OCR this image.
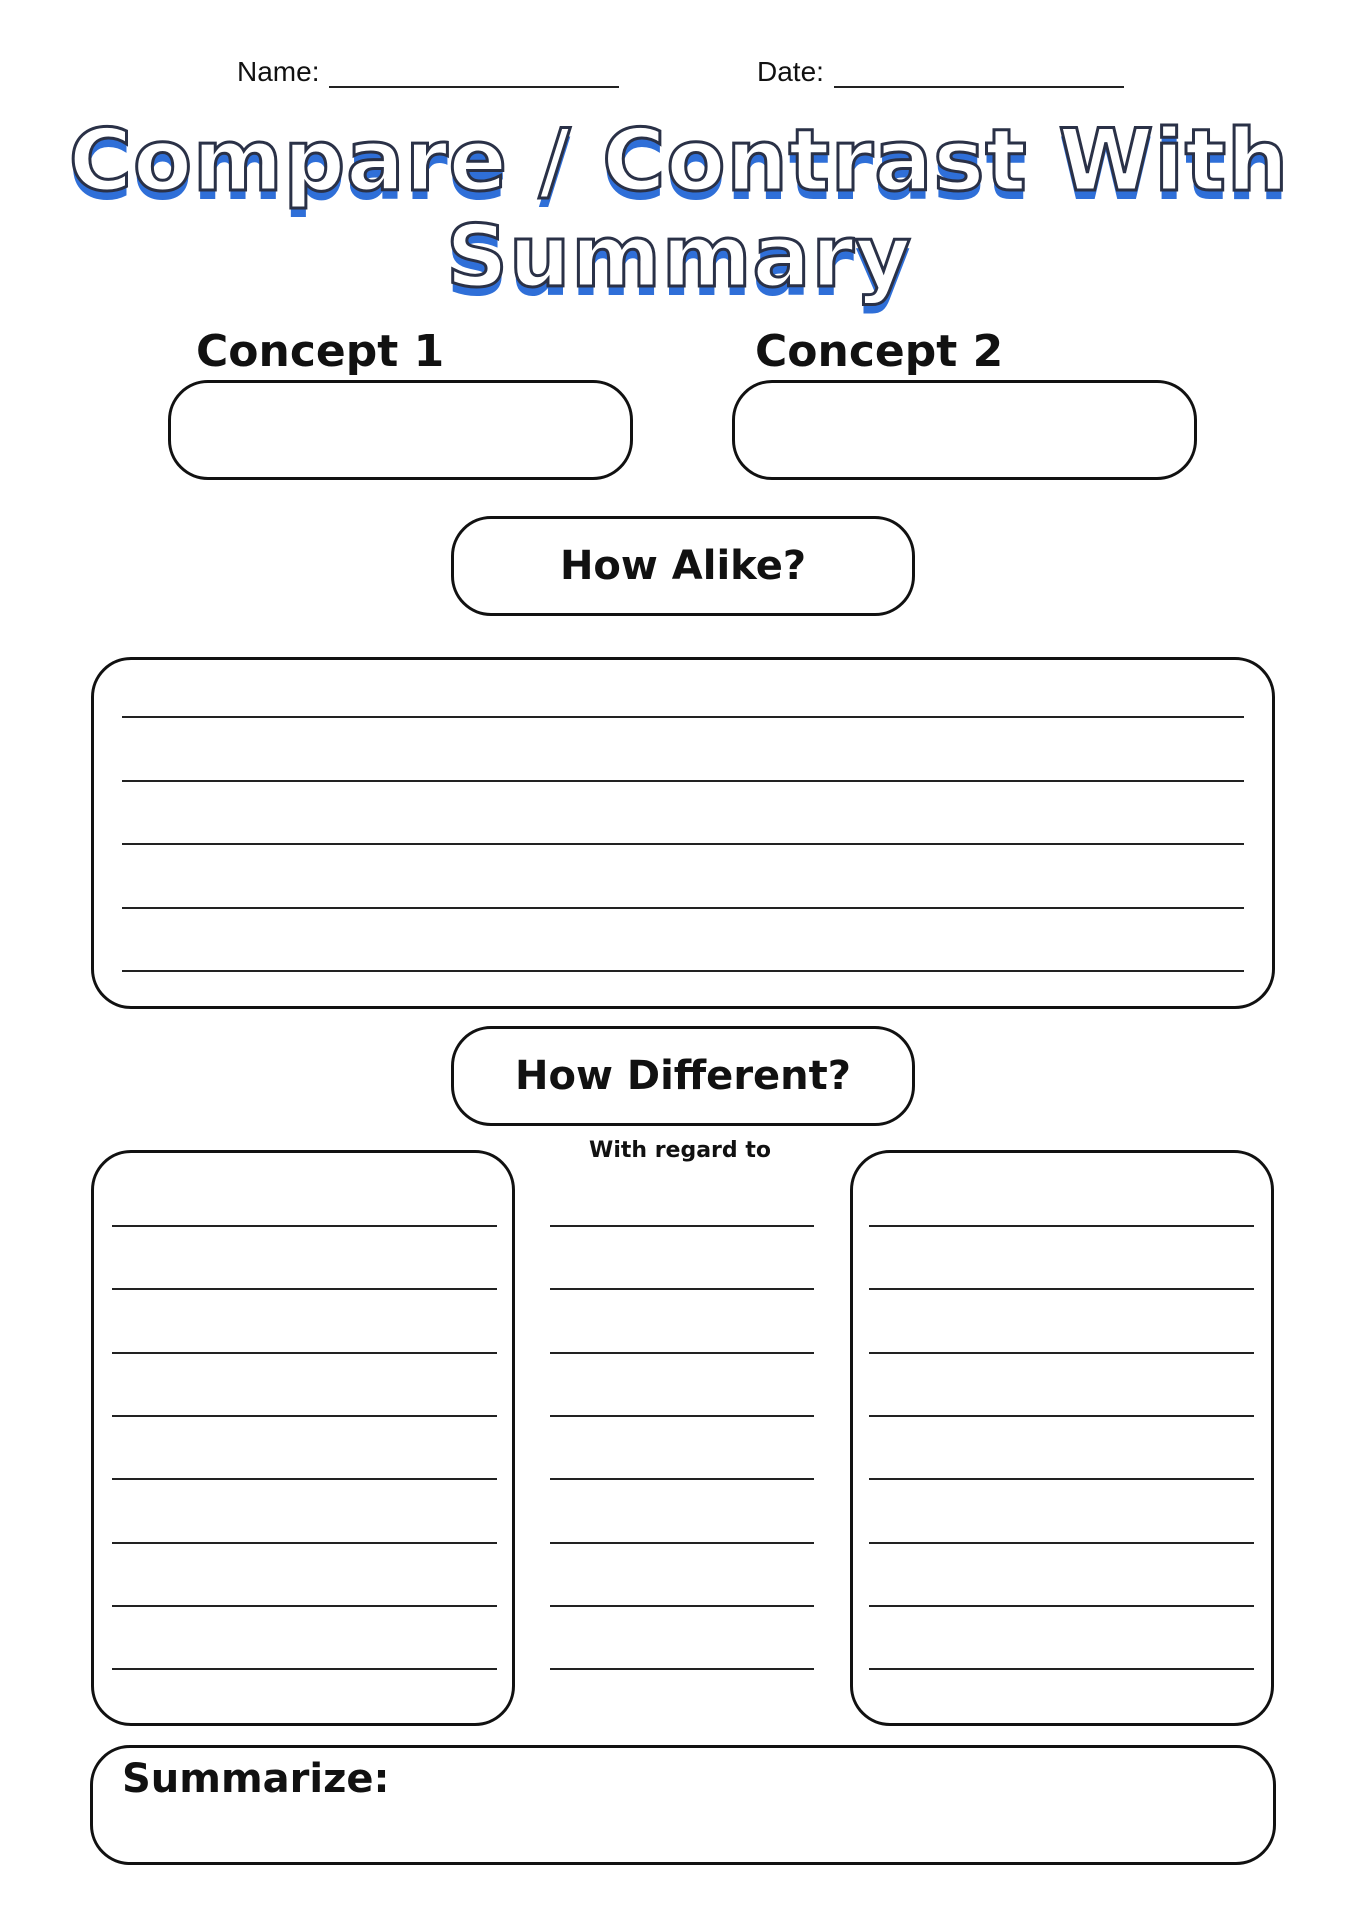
Name:	Date:
Compare / Contrast With
Summary
Concept 1	Concept 2
How Alike?
How Different?
With regard to
Summarize:
